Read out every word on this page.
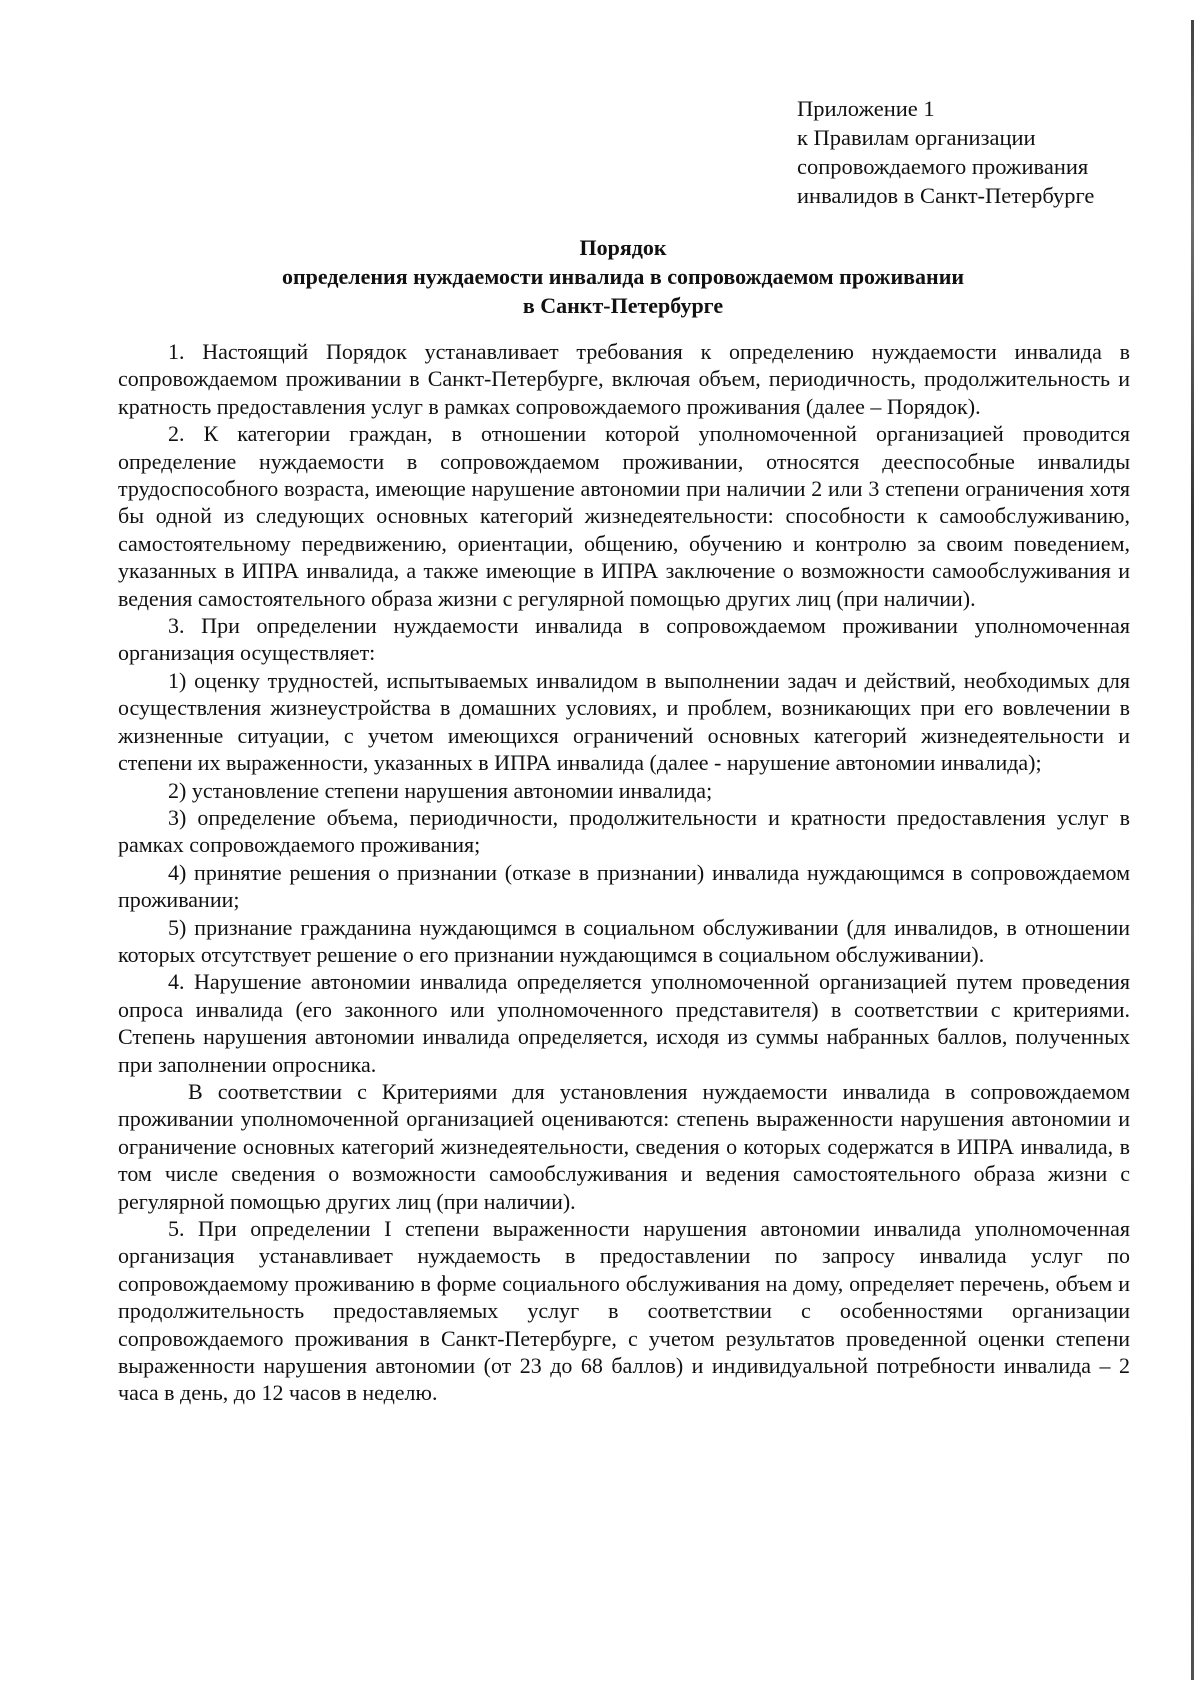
Приложение 1
к Правилам организации
сопровождаемого проживания
инвалидов в Санкт-Петербурге
Порядок
определения нуждаемости инвалида в сопровождаемом проживании
в Санкт-Петербурге

1. Настоящий Порядок устанавливает требования к определению нуждаемости инвалида в сопровождаемом проживании в Санкт-Петербурге, включая объем, периодичность, продолжительность и кратность предоставления услуг в рамках сопровождаемого проживания (далее – Порядок).

2. К категории граждан, в отношении которой уполномоченной организацией проводится определение нуждаемости в сопровождаемом проживании, относятся дееспособные инвалиды трудоспособного возраста, имеющие нарушение автономии при наличии 2 или 3 степени ограничения хотя бы одной из следующих основных категорий жизнедеятельности: способности к самообслуживанию, самостоятельному передвижению, ориентации, общению, обучению и контролю за своим поведением, указанных в ИПРА инвалида, а также имеющие в ИПРА заключение о возможности самообслуживания и ведения самостоятельного образа жизни с регулярной помощью других лиц (при наличии).

3. При определении нуждаемости инвалида в сопровождаемом проживании уполномоченная организация осуществляет:

1) оценку трудностей, испытываемых инвалидом в выполнении задач и действий, необходимых для осуществления жизнеустройства в домашних условиях, и проблем, возникающих при его вовлечении в жизненные ситуации, с учетом имеющихся ограничений основных категорий жизнедеятельности и степени их выраженности, указанных в ИПРА инвалида (далее - нарушение автономии инвалида);

2) установление степени нарушения автономии инвалида;

3) определение объема, периодичности, продолжительности и кратности предоставления услуг в рамках сопровождаемого проживания;

4) принятие решения о признании (отказе в признании) инвалида нуждающимся в сопровождаемом проживании;

5) признание гражданина нуждающимся в социальном обслуживании (для инвалидов, в отношении которых отсутствует решение о его признании нуждающимся в социальном обслуживании).

4. Нарушение автономии инвалида определяется уполномоченной организацией путем проведения опроса инвалида (его законного или уполномоченного представителя) в соответствии с критериями. Степень нарушения автономии инвалида определяется, исходя из суммы набранных баллов, полученных при заполнении опросника.

В соответствии с Критериями для установления нуждаемости инвалида в сопровождаемом проживании уполномоченной организацией оцениваются: степень выраженности нарушения автономии и ограничение основных категорий жизнедеятельности, сведения о которых содержатся в ИПРА инвалида, в том числе сведения о возможности самообслуживания и ведения самостоятельного образа жизни с регулярной помощью других лиц (при наличии).

5. При определении I степени выраженности нарушения автономии инвалида уполномоченная организация устанавливает нуждаемость в предоставлении по запросу инвалида услуг по сопровождаемому проживанию в форме социального обслуживания на дому, определяет перечень, объем и продолжительность предоставляемых услуг в соответствии с особенностями организации сопровождаемого проживания в Санкт-Петербурге, с учетом результатов проведенной оценки степени выраженности нарушения автономии (от 23 до 68 баллов) и индивидуальной потребности инвалида – 2 часа в день, до 12 часов в неделю.
